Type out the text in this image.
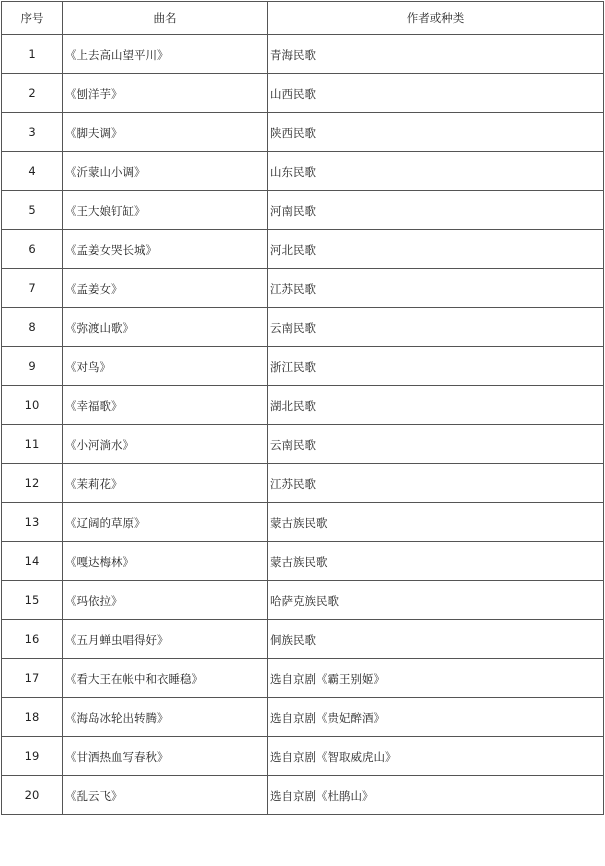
序号	曲名	作者或种类
1	《上去高山望平川》	青海民歌
2	《刨洋芋》	山西民歌
3	《脚夫调》	陕西民歌
4	《沂蒙山小调》	山东民歌
5	《王大娘钉缸》	河南民歌
6	《孟姜女哭长城》	河北民歌
7	《孟姜女》	江苏民歌
8	《弥渡山歌》	云南民歌
9	《对鸟》	浙江民歌
10	《幸福歌》	湖北民歌
11	《小河淌水》	云南民歌
12	《茉莉花》	江苏民歌
13	《辽阔的草原》	蒙古族民歌
14	《嘎达梅林》	蒙古族民歌
15	《玛依拉》	哈萨克族民歌
16	《五月蝉虫唱得好》	侗族民歌
17	《看大王在帐中和衣睡稳》	选自京剧《霸王别姬》
18	《海岛冰轮出转腾》	选自京剧《贵妃醉酒》
19	《甘洒热血写春秋》	选自京剧《智取威虎山》
20	《乱云飞》	选自京剧《杜鹃山》
